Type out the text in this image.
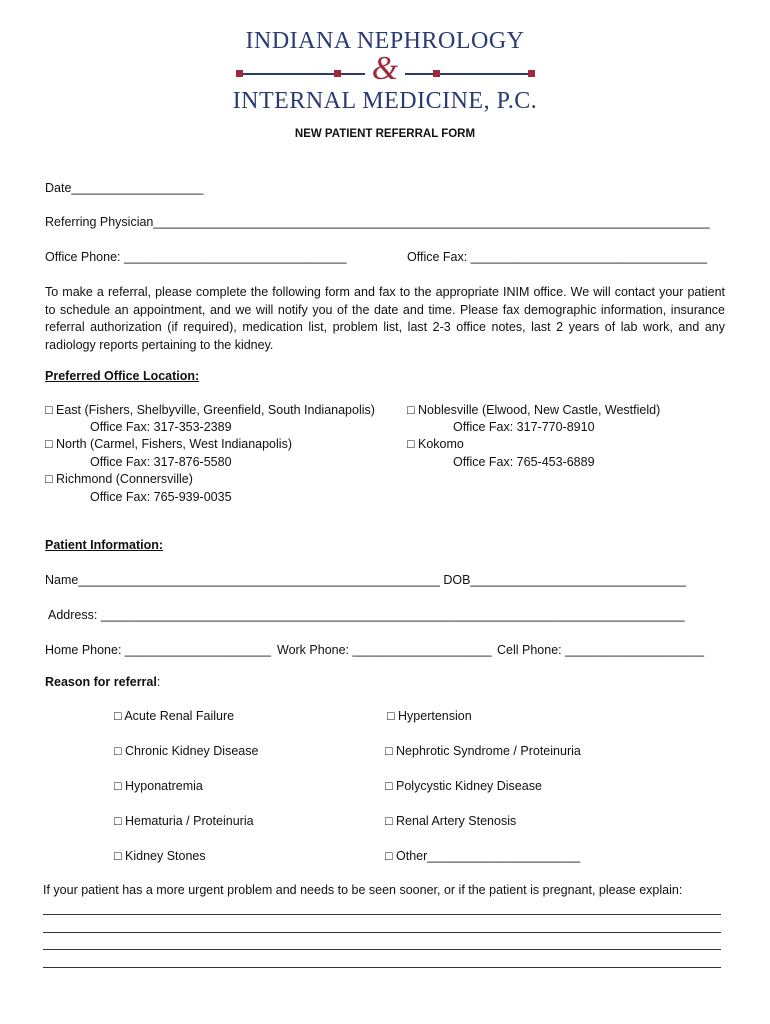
INDIANA NEPHROLOGY
&
INTERNAL MEDICINE, P.C.
NEW PATIENT REFERRAL FORM
Date___________________
Referring Physician________________________________________________________________________________
Office Phone: ________________________________	Office Fax: __________________________________
To make a referral, please complete the following form and fax to the appropriate INIM office. We will contact your patient to schedule an appointment, and we will notify you of the date and time. Please fax demographic information, insurance referral authorization (if required), medication list, problem list, last 2-3 office notes, last 2 years of lab work, and any radiology reports pertaining to the kidney.
Preferred Office Location:
□ East (Fishers, Shelbyville, Greenfield, South Indianapolis)
Office Fax: 317-353-2389
□ North (Carmel, Fishers, West Indianapolis)
Office Fax: 317-876-5580
□ Richmond (Connersville)
Office Fax: 765-939-0035
□ Noblesville (Elwood, New Castle, Westfield)
Office Fax: 317-770-8910
□ Kokomo
Office Fax: 765-453-6889
Patient Information:
Name____________________________________________________ DOB_______________________________
Address: ____________________________________________________________________________________
Home Phone: _____________________ Work Phone: ____________________ Cell Phone: ____________________
Reason for referral:
□ Acute Renal Failure	□ Hypertension
□ Chronic Kidney Disease	□ Nephrotic Syndrome / Proteinuria
□ Hyponatremia	□ Polycystic Kidney Disease
□ Hematuria / Proteinuria	□ Renal Artery Stenosis
□ Kidney Stones	□ Other______________________
If your patient has a more urgent problem and needs to be seen sooner, or if the patient is pregnant, please explain:
